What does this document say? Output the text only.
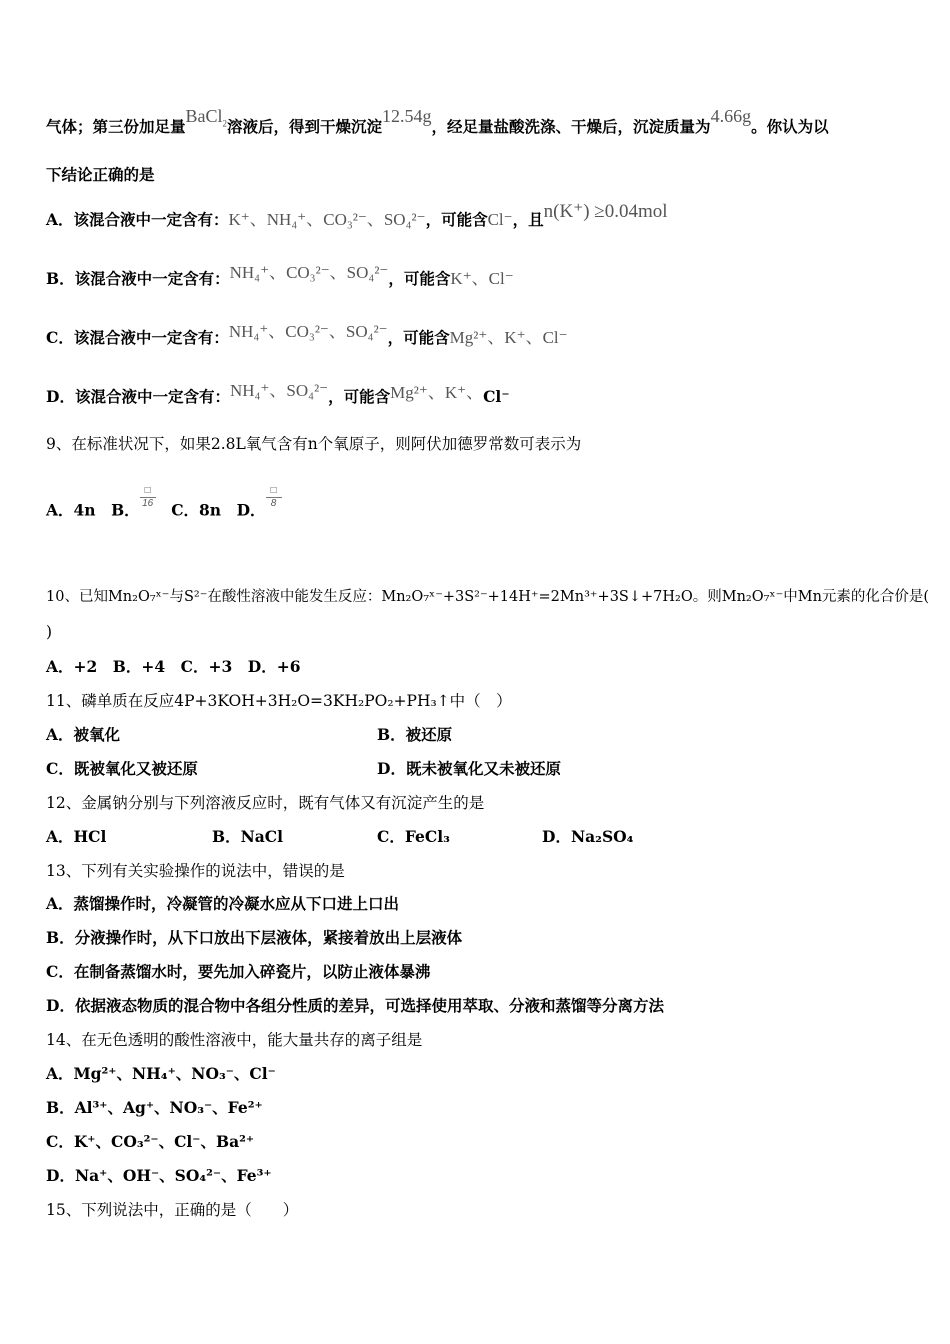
气体；第三份加足量BaCl$_2$溶液后，得到干燥沉淀12.54g，经足量盐酸洗涤、干燥后，沉淀质量为4.66g。你认为以
下结论正确的是
A．该混合液中一定含有：K⁺、NH₄⁺、CO₃²⁻、SO₄²⁻，可能含Cl⁻，且n(K⁺) ≥0.04mol
B．该混合液中一定含有：NH₄⁺、CO₃²⁻、SO₄²⁻，可能含K⁺、Cl⁻
C．该混合液中一定含有：NH₄⁺、CO₃²⁻、SO₄²⁻，可能含Mg²⁺、K⁺、Cl⁻
D．该混合液中一定含有：NH₄⁺、SO₄²⁻，可能含Mg²⁺、K⁺、Cl⁻
9、在标准状况下，如果2.8L氧气含有n个氧原子，则阿伏加德罗常数可表示为
A．4n　B． $\frac{□}{16}$ 　C．8n　D． $\frac{□}{8}$
10、已知Mn₂O₇ˣ⁻与S²⁻在酸性溶液中能发生反应：Mn₂O₇ˣ⁻+3S²⁻+14H⁺=2Mn³⁺+3S↓+7H₂O。则Mn₂O₇ˣ⁻中Mn元素的化合价是(
)
A．+2　B．+4　C．+3　D．+6
11、磷单质在反应4P+3KOH+3H₂O=3KH₂PO₂+PH₃↑中（　）
A．被氧化	B．被还原
C．既被氧化又被还原	D．既未被氧化又未被还原
12、金属钠分别与下列溶液反应时，既有气体又有沉淀产生的是
A．HCl	B．NaCl	C．FeCl₃	D．Na₂SO₄
13、下列有关实验操作的说法中，错误的是
A．蒸馏操作时，冷凝管的冷凝水应从下口进上口出
B．分液操作时，从下口放出下层液体，紧接着放出上层液体
C．在制备蒸馏水时，要先加入碎瓷片，以防止液体暴沸
D．依据液态物质的混合物中各组分性质的差异，可选择使用萃取、分液和蒸馏等分离方法
14、在无色透明的酸性溶液中，能大量共存的离子组是
A．Mg²⁺、NH₄⁺、NO₃⁻、Cl⁻
B．Al³⁺、Ag⁺、NO₃⁻、Fe²⁺
C．K⁺、CO₃²⁻、Cl⁻、Ba²⁺
D．Na⁺、OH⁻、SO₄²⁻、Fe³⁺
15、下列说法中，正确的是（　　）
